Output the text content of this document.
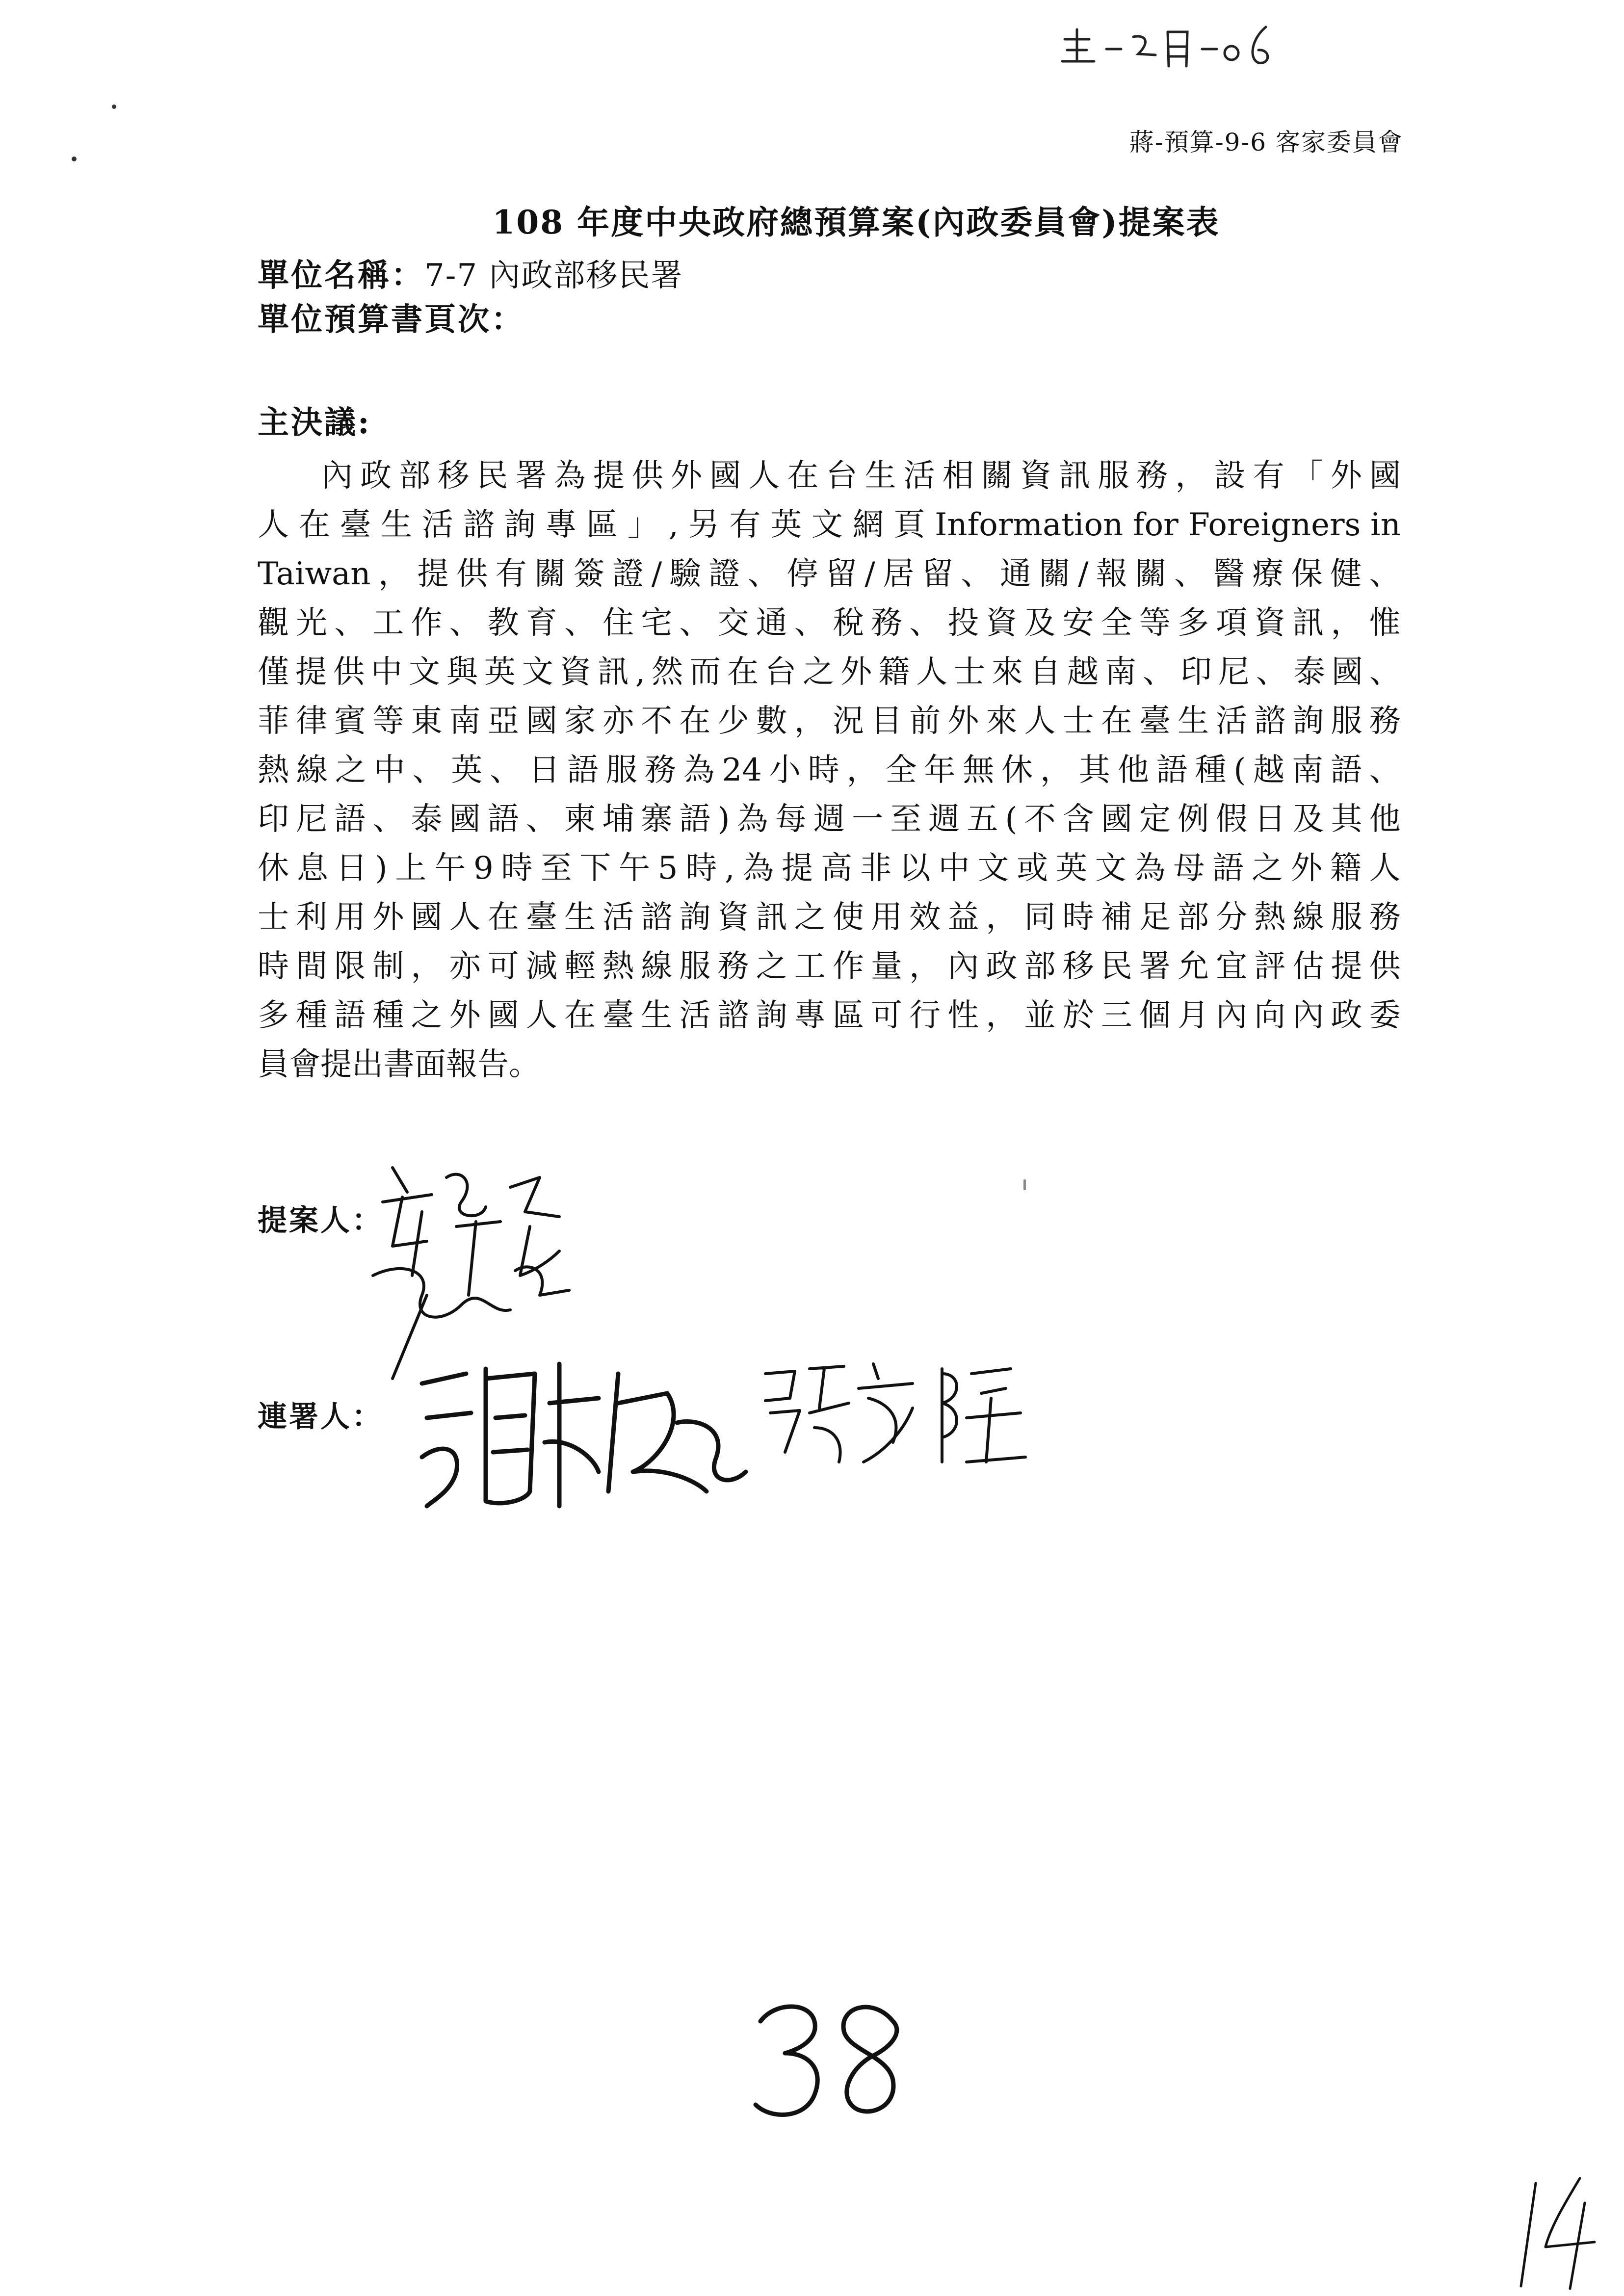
蔣-預算-9-6 客家委員會
108 年度中央政府總預算案(內政委員會)提案表
單位名稱：7-7 內政部移民署
單位預算書頁次：
主決議:
內 政 部 移 民 署 為 提 供 外 國 人 在 台 生 活 相 關 資 訊 服 務 ， 設 有 「 外 國
人 在 臺 生 活 諮 詢 專 區 」 , 另 有 英 文 網 頁 Information for Foreigners in
Taiwan ， 提 供 有 關 簽 證 / 驗 證 、 停 留 / 居 留 、 通 關 / 報 關 、 醫 療 保 健 、
觀 光 、 工 作 、 教 育 、 住 宅 、 交 通 、 稅 務 、 投 資 及 安 全 等 多 項 資 訊 ， 惟
僅 提 供 中 文 與 英 文 資 訊 , 然 而 在 台 之 外 籍 人 士 來 自 越 南 、 印 尼 、 泰 國 、
菲 律 賓 等 東 南 亞 國 家 亦 不 在 少 數 ， 況 目 前 外 來 人 士 在 臺 生 活 諮 詢 服 務
熱 線 之 中 、 英 、 日 語 服 務 為 24 小 時 ， 全 年 無 休 ， 其 他 語 種 ( 越 南 語 、
印 尼 語 、 泰 國 語 、 柬 埔 寨 語 ) 為 每 週 一 至 週 五 ( 不 含 國 定 例 假 日 及 其 他
休 息 日 ) 上 午 9 時 至 下 午 5 時 , 為 提 高 非 以 中 文 或 英 文 為 母 語 之 外 籍 人
士 利 用 外 國 人 在 臺 生 活 諮 詢 資 訊 之 使 用 效 益 ， 同 時 補 足 部 分 熱 線 服 務
時 間 限 制 ， 亦 可 減 輕 熱 線 服 務 之 工 作 量 ， 內 政 部 移 民 署 允 宜 評 估 提 供
多 種 語 種 之 外 國 人 在 臺 生 活 諮 詢 專 區 可 行 性 ， 並 於 三 個 月 內 向 內 政 委
員會提出書面報告。
提案人：
連署人：
